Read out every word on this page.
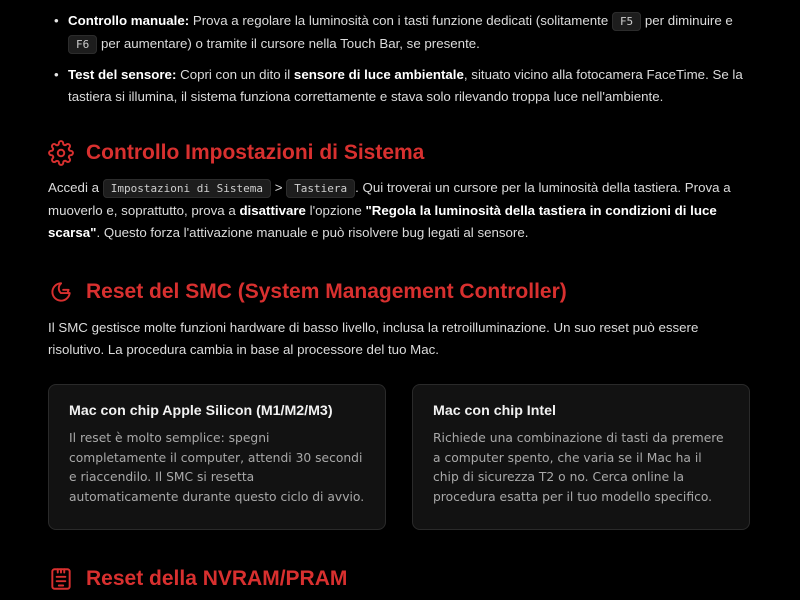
• Controllo manuale: Prova a regolare la luminosità con i tasti funzione dedicati (solitamente F5 per diminuire e F6 per aumentare) o tramite il cursore nella Touch Bar, se presente.
• Test del sensore: Copri con un dito il sensore di luce ambientale, situato vicino alla fotocamera FaceTime. Se la tastiera si illumina, il sistema funziona correttamente e stava solo rilevando troppa luce nell'ambiente.
Controllo Impostazioni di Sistema

Accedi a Impostazioni di Sistema > Tastiera . Qui troverai un cursore per la luminosità della tastiera. Prova a muoverlo e, soprattutto, prova a disattivare l'opzione "Regola la luminosità della tastiera in condizioni di luce scarsa". Questo forza l'attivazione manuale e può risolvere bug legati al sensore.

Reset del SMC (System Management Controller)

Il SMC gestisce molte funzioni hardware di basso livello, inclusa la retroilluminazione. Un suo reset può essere risolutivo. La procedura cambia in base al processore del tuo Mac.

Mac con chip Apple Silicon (M1/M2/M3)

Il reset è molto semplice: spegni completamente il computer, attendi 30 secondi e riaccendilo. Il SMC si resetta automaticamente durante questo ciclo di avvio.

Mac con chip Intel

Richiede una combinazione di tasti da premere a computer spento, che varia se il Mac ha il chip di sicurezza T2 o no. Cerca online la procedura esatta per il tuo modello specifico.

Reset della NVRAM/PRAM
